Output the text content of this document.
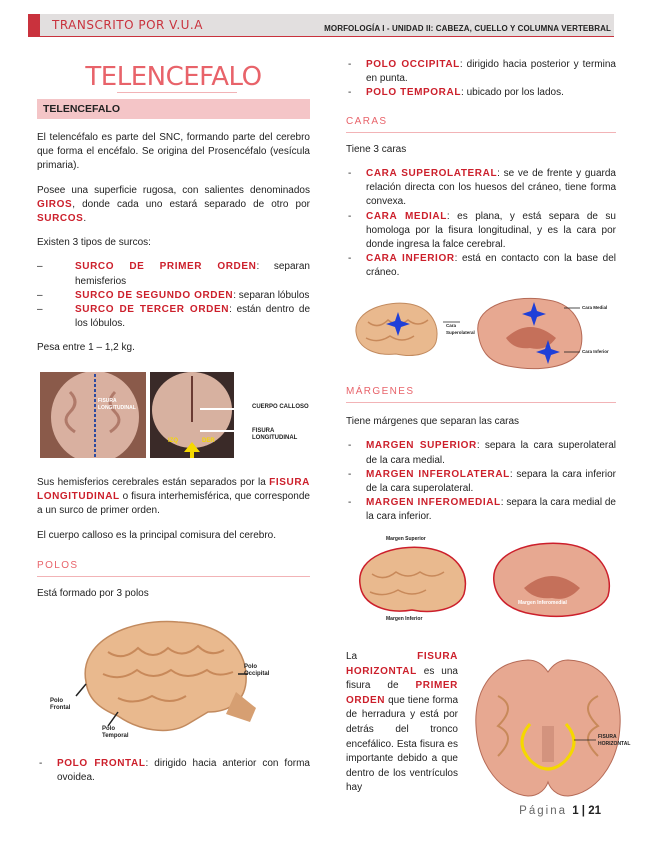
TRANSCRITO POR V.U.A	MORFOLOGÍA I - UNIDAD II: CABEZA, CUELLO Y COLUMNA VERTEBRAL
TELENCEFALO
TELENCEFALO

El telencéfalo es parte del SNC, formando parte del cerebro que forma el encéfalo. Se origina del Prosencéfalo (vesícula primaria).

Posee una superficie rugosa, con salientes denominados GIROS, donde cada uno estará separado de otro por SURCOS.

Existen 3 tipos de surcos:

– SURCO DE PRIMER ORDEN: separan hemisferios
– SURCO DE SEGUNDO ORDEN: separan lóbulos
– SURCO DE TERCER ORDEN: están dentro de los lóbulos.

Pesa entre 1 – 1,2 kg.

FISURA LONGITUDINAL
IZQ	DER
CUERPO CALLOSO
FISURA LONGITUDINAL

Sus hemisferios cerebrales están separados por la FISURA LONGITUDINAL o fisura interhemisférica, que corresponde a un surco de primer orden.

El cuerpo calloso es la principal comisura del cerebro.

POLOS

Está formado por 3 polos

Polo Frontal
Polo Temporal
Polo Occipital
- POLO FRONTAL: dirigido hacia anterior con forma ovoidea.
- POLO OCCIPITAL: dirigido hacia posterior y termina en punta.
- POLO TEMPORAL: ubicado por los lados.
CARAS

Tiene 3 caras

- CARA SUPEROLATERAL: se ve de frente y guarda relación directa con los huesos del cráneo, tiene forma convexa.
- CARA MEDIAL: es plana, y está separa de su homologa por la fisura longitudinal, y es la cara por donde ingresa la falce cerebral.
- CARA INFERIOR: está en contacto con la base del cráneo.
Cara Superolateral
Cara Medial
Cara Inferior
MÁRGENES

Tiene márgenes que separan las caras

- MARGEN SUPERIOR: separa la cara superolateral de la cara medial.
- MARGEN INFEROLATERAL: separa la cara inferior de la cara superolateral.
- MARGEN INFEROMEDIAL: separa la cara medial de la cara inferior.
Margen Superior
Margen Inferior
Margen Inferomedial

La FISURA HORIZONTAL es una fisura de PRIMER ORDEN que tiene forma de herradura y está por detrás del tronco encefálico. Esta fisura es importante debido a que dentro de los ventrículos hay

FISURA HORIZONTAL
Página 1 | 21
